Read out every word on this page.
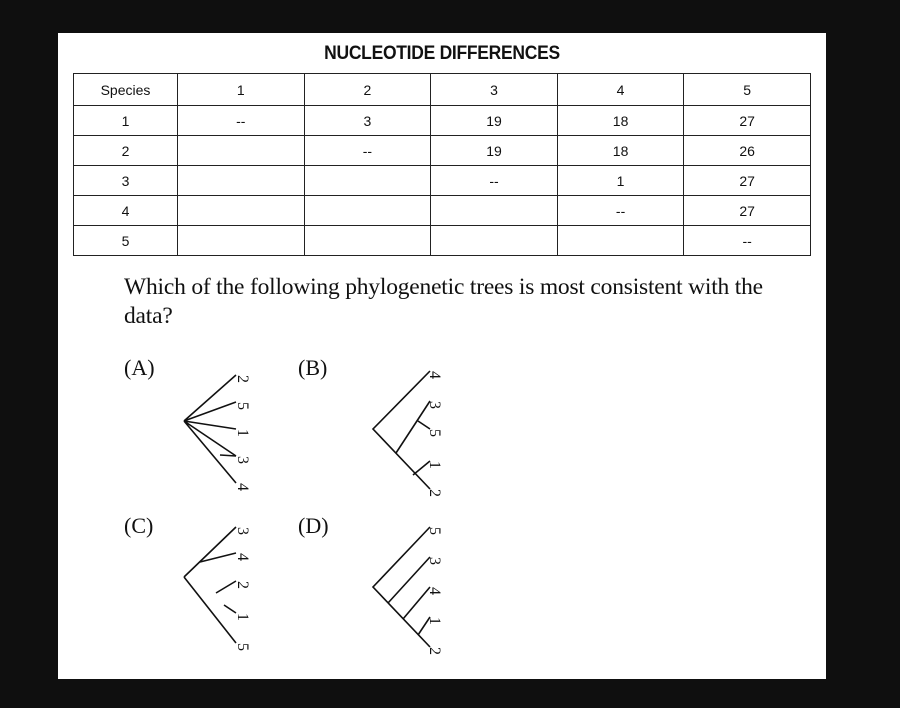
NUCLEOTIDE DIFFERENCES
Species	1	2	3	4	5
1	--	3	19	18	27
2		--	19	18	26
3			--	1	27
4				--	27
5					--
Which of the following phylogenetic trees is most consistent with the data?
(A)	2
5
1
3
4
(B)	4
3
5
1
2
(C)	3
4
2
1
5
(D)	5
3
4
1
2
